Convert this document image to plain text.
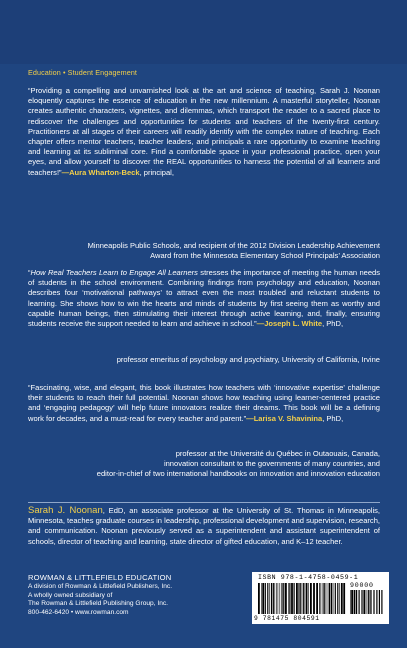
Education • Student Engagement

“Providing a compelling and unvarnished look at the art and science of teaching, Sarah J. Noonan eloquently captures the essence of education in the new millennium. A masterful storyteller, Noonan creates authentic characters, vignettes, and dilemmas, which transport the reader to a sacred place to rediscover the challenges and opportunities for students and teachers of the twenty-first century. Practitioners at all stages of their careers will readily identify with the complex nature of teaching. Each chapter offers mentor teachers, teacher leaders, and principals a rare opportunity to examine teaching and learning at its subliminal core. Find a comfortable space in your professional practice, open your eyes, and allow yourself to discover the REAL opportunities to harness the potential of all learners and teachers!”—Aura Wharton-Beck, principal,

Minneapolis Public Schools, and recipient of the 2012 Division Leadership Achievement
Award from the Minnesota Elementary School Principals’ Association

“How Real Teachers Learn to Engage All Learners stresses the importance of meeting the human needs of students in the school environment. Combining findings from psychology and education, Noonan describes four ‘motivational pathways’ to attract even the most troubled and reluctant students to learning. She shows how to win the hearts and minds of students by first seeing them as worthy and capable human beings, then stimulating their interest through active learning, and, finally, ensuring students receive the support needed to learn and achieve in school.”—Joseph L. White, PhD,

professor emeritus of psychology and psychiatry, University of California, Irvine

“Fascinating, wise, and elegant, this book illustrates how teachers with ‘innovative expertise’ challenge their students to reach their full potential. Noonan shows how teaching using learner-centered practice and ‘engaging pedagogy’ will help future innovators realize their dreams. This book will be a defining work for decades, and a must-read for every teacher and parent.”—Larisa V. Shavinina, PhD,

professor at the Université du Québec in Outaouais, Canada,
innovation consultant to the governments of many countries, and
editor-in-chief of two international handbooks on innovation and innovation education

Sarah J. Noonan, EdD, an associate professor at the University of St. Thomas in Minneapolis, Minnesota, teaches graduate courses in leadership, professional development and supervision, research, and communication. Noonan previously served as a superintendent and assistant superintendent of schools, director of teaching and learning, state director of gifted education, and K–12 teacher.

ROWMAN & LITTLEFIELD EDUCATION
A division of Rowman & Littlefield Publishers, Inc.
A wholly owned subsidiary of
The Rowman & Littlefield Publishing Group, Inc.
800-462-6420 • www.rowman.com
ISBN 978-1-4758-0459-1
90000
9 781475 804591
